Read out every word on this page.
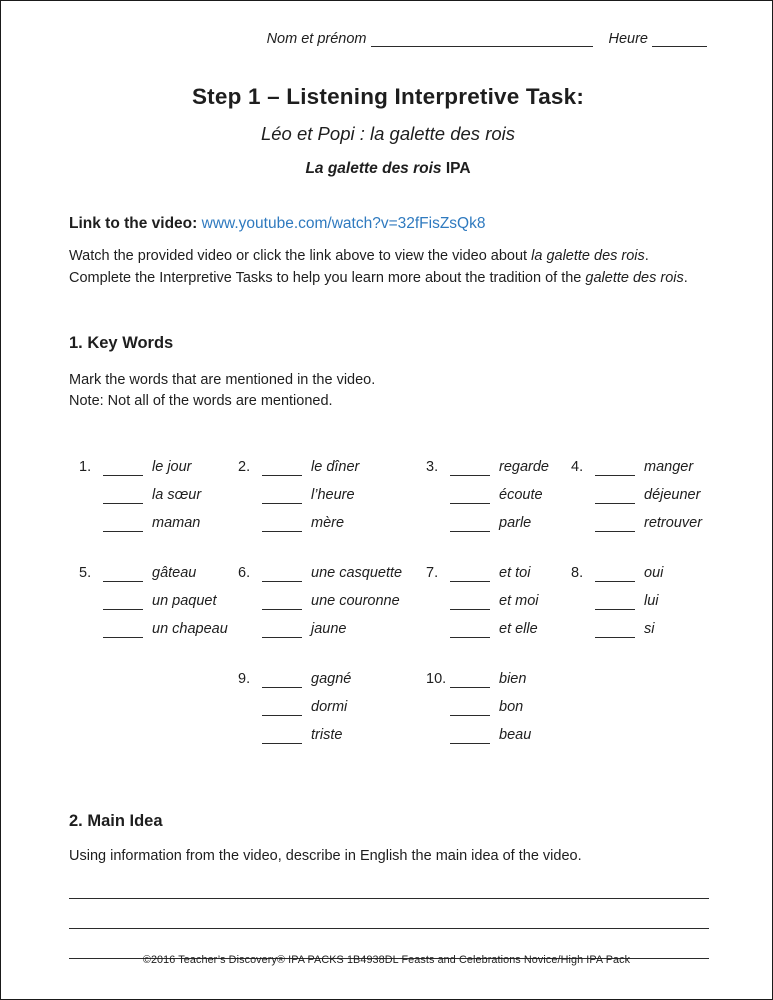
Nom et prénom	Heure
Step 1 – Listening Interpretive Task:
Léo et Popi : la galette des rois
La galette des rois IPA
Link to the video: www.youtube.com/watch?v=32fFisZsQk8
Watch the provided video or click the link above to view the video about la galette des rois.
Complete the Interpretive Tasks to help you learn more about the tradition of the galette des rois.
1. Key Words
Mark the words that are mentioned in the video.
Note: Not all of the words are mentioned.
1.	le jour
la sœur
maman
2.	le dîner
l’heure
mère
3.	regarde
écoute
parle
4.	manger
déjeuner
retrouver
5.	gâteau
un paquet
un chapeau
6.	une casquette
une couronne
jaune
7.	et toi
et moi
et elle
8.	oui
lui
si
9.	gagné
dormi
triste
10.	bien
bon
beau
2. Main Idea
Using information from the video, describe in English the main idea of the video.
©2016 Teacher’s Discovery® IPA PACKS 1B4938DL Feasts and Celebrations Novice/High IPA Pack
